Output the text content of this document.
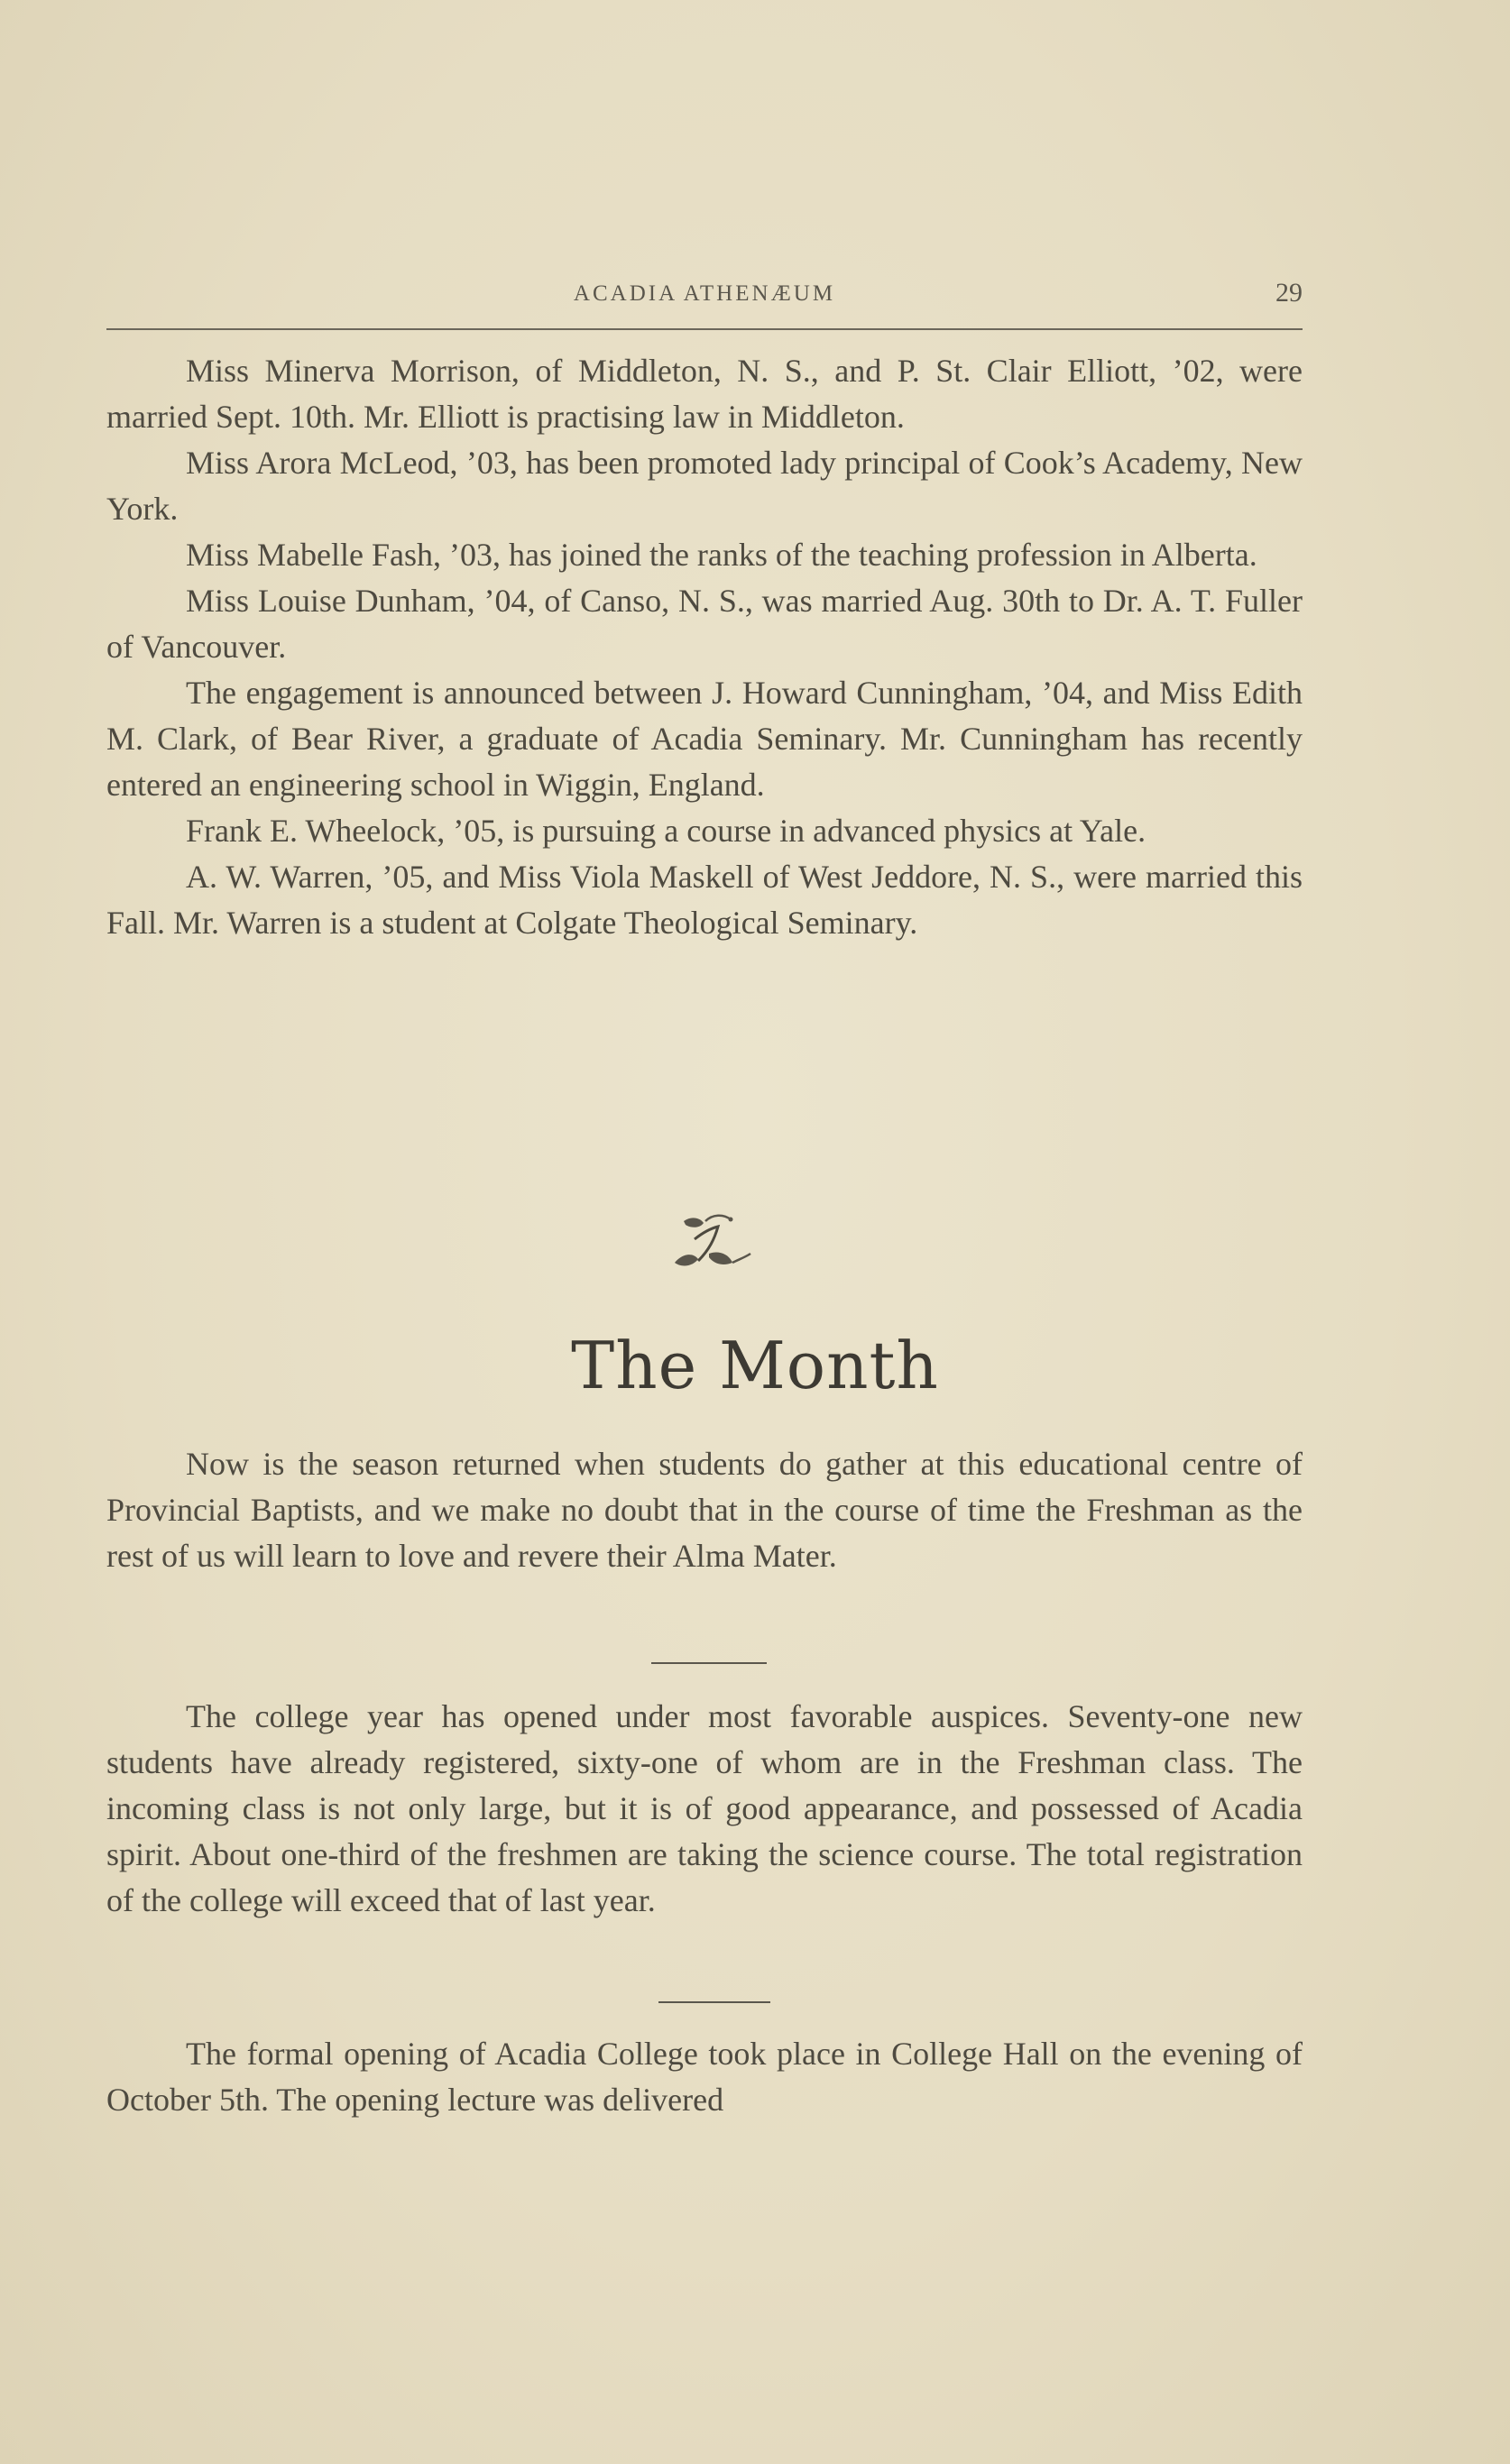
ACADIA ATHENÆUM	29

Miss Minerva Morrison, of Middleton, N. S., and P. St. Clair Elliott, ’02, were married Sept. 10th. Mr. Elliott is practising law in Middleton.

Miss Arora McLeod, ’03, has been promoted lady principal of Cook’s Academy, New York.

Miss Mabelle Fash, ’03, has joined the ranks of the teaching profession in Alberta.

Miss Louise Dunham, ’04, of Canso, N. S., was married Aug. 30th to Dr. A. T. Fuller of Vancouver.

The engagement is announced between J. Howard Cunningham, ’04, and Miss Edith M. Clark, of Bear River, a graduate of Acadia Seminary. Mr. Cunningham has recently entered an engineering school in Wiggin, England.

Frank E. Wheelock, ’05, is pursuing a course in advanced physics at Yale.

A. W. Warren, ’05, and Miss Viola Maskell of West Jeddore, N. S., were married this Fall. Mr. Warren is a student at Colgate Theological Seminary.

The Month

Now is the season returned when students do gather at this educational centre of Provincial Baptists, and we make no doubt that in the course of time the Freshman as the rest of us will learn to love and revere their Alma Mater.

The college year has opened under most favorable auspices. Seventy-one new students have already registered, sixty-one of whom are in the Freshman class. The incoming class is not only large, but it is of good appearance, and possessed of Acadia spirit. About one-third of the freshmen are taking the science course. The total registration of the college will exceed that of last year.

The formal opening of Acadia College took place in College Hall on the evening of October 5th. The opening lecture was delivered
